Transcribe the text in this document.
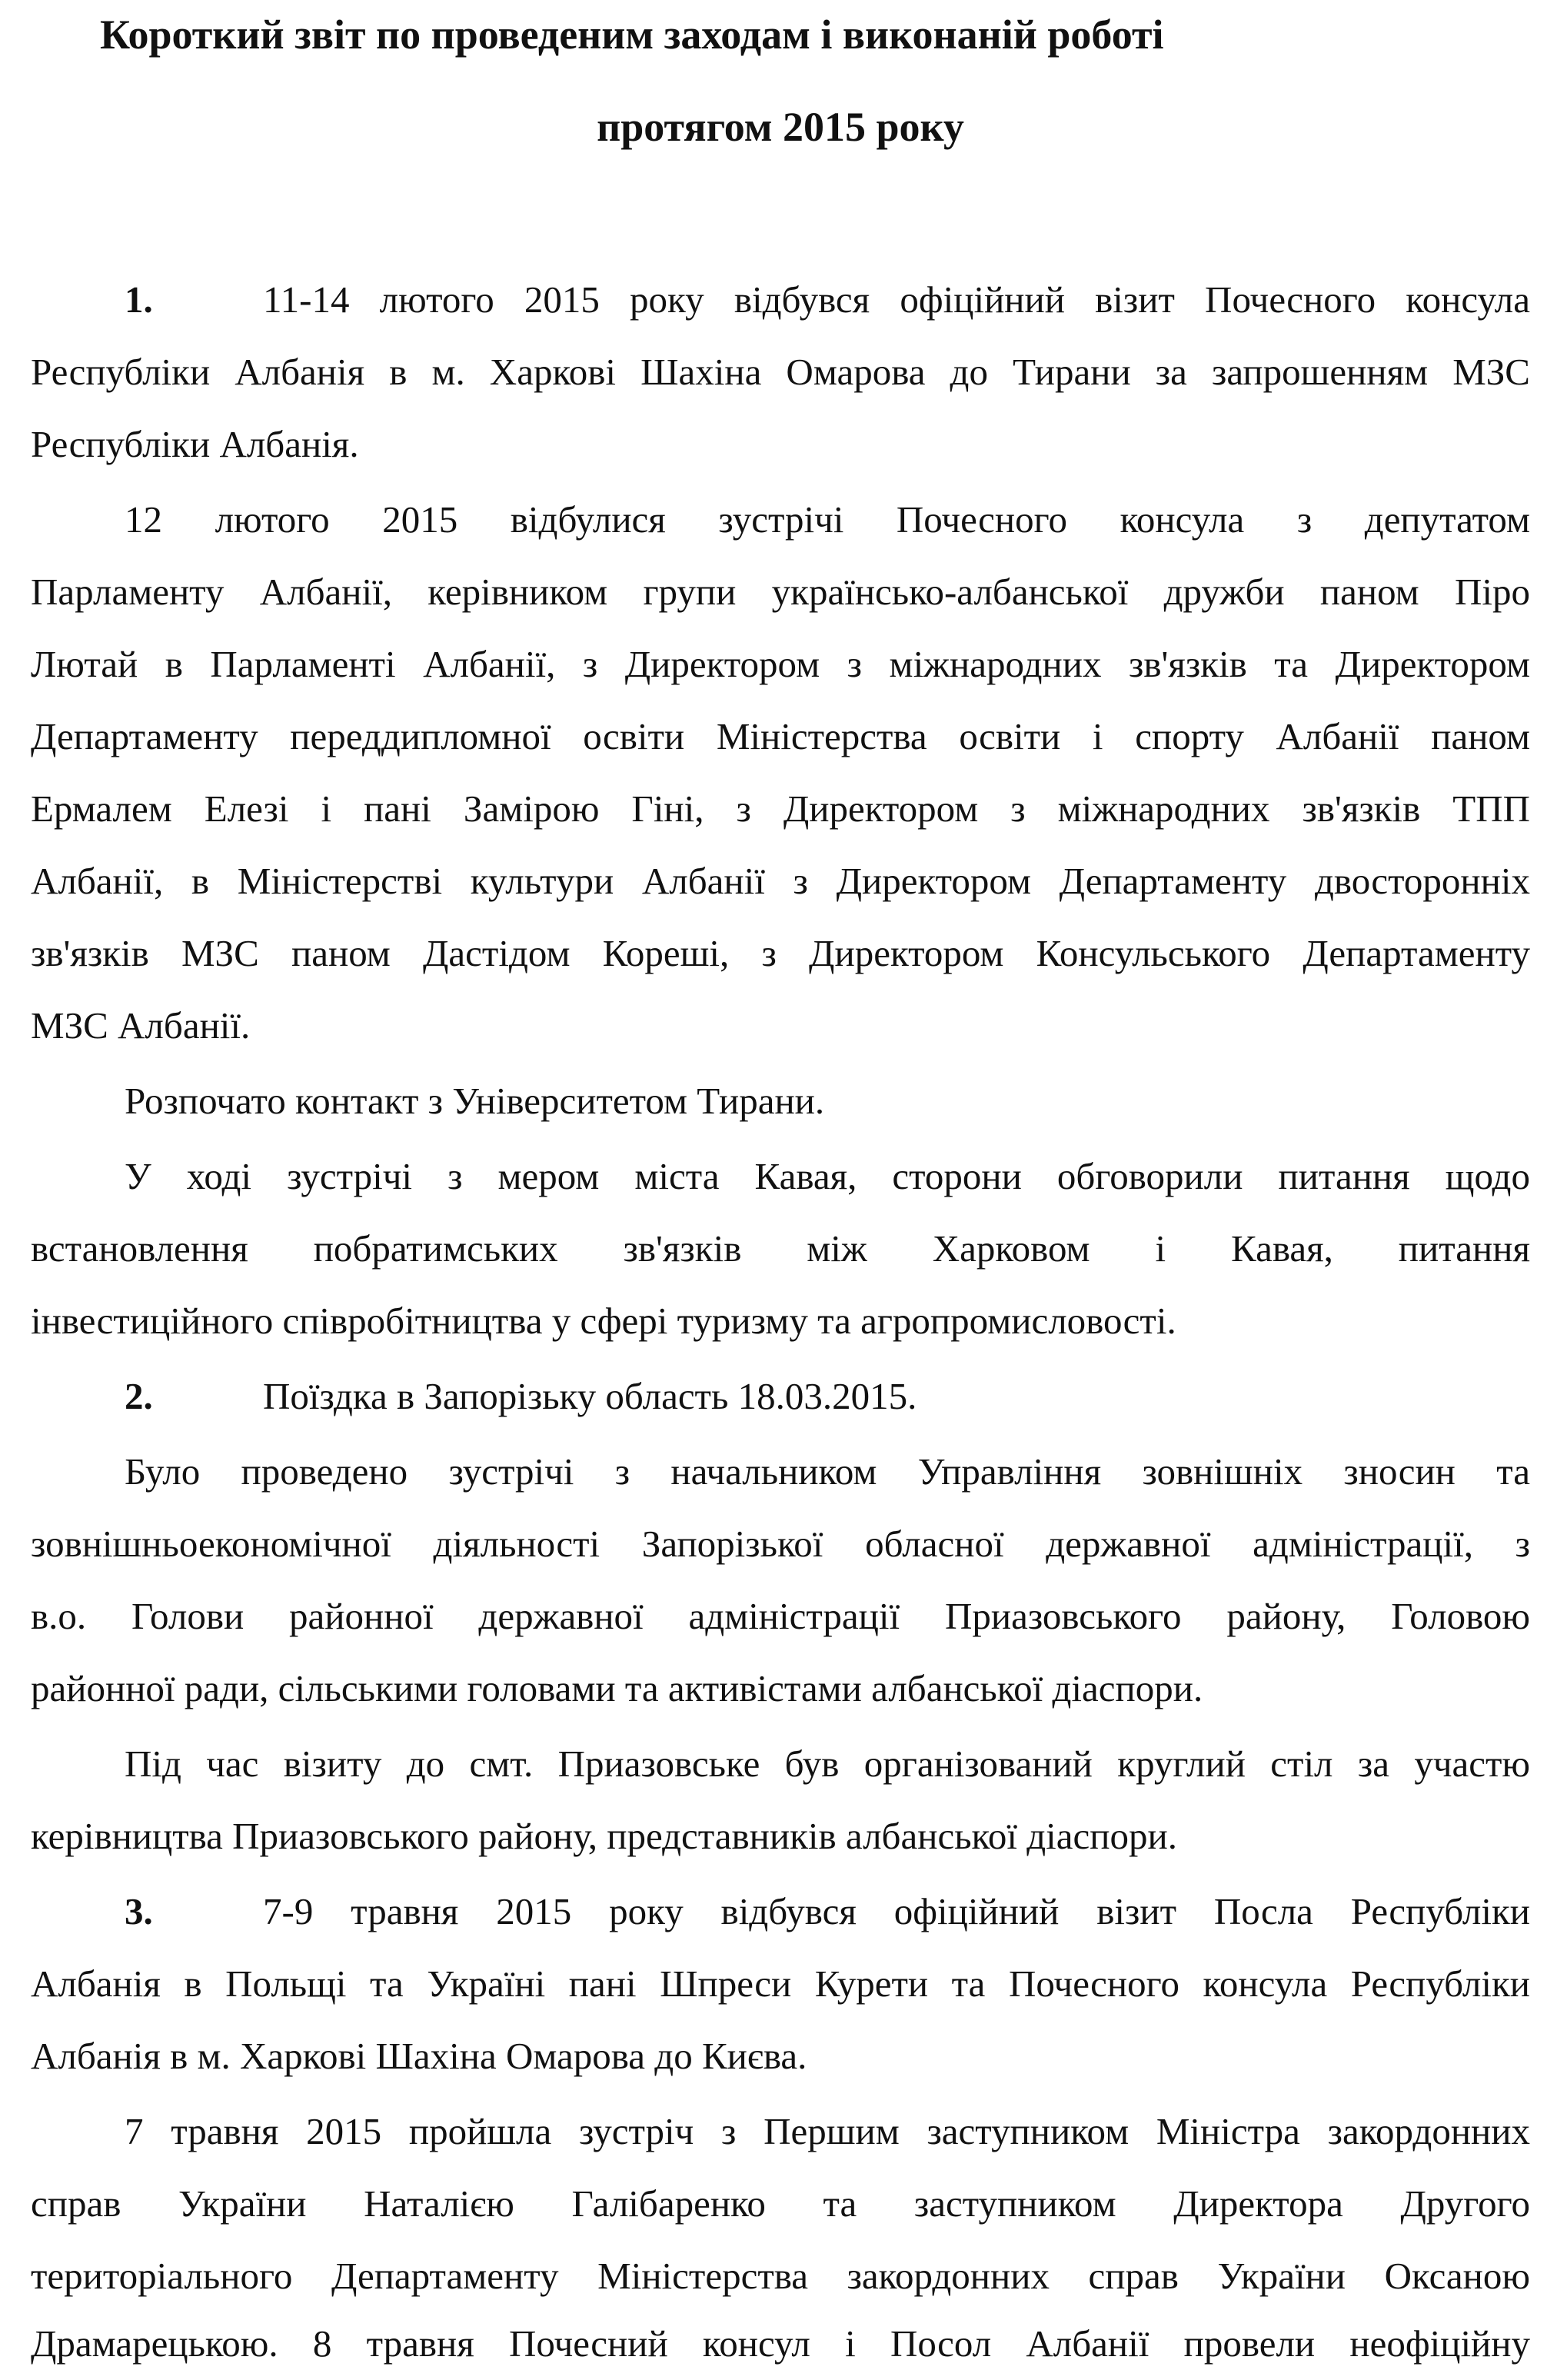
Короткий звіт по проведеним заходам і виконаній роботі
протягом 2015 року

1.	11-14 лютого 2015 року відбувся офіційний візит Почесного консула

Республіки Албанія в м. Харкові Шахіна Омарова до Тирани за запрошенням МЗС

Республіки Албанія.

12 лютого 2015 відбулися зустрічі Почесного консула з депутатом

Парламенту Албанії, керівником групи українсько-албанської дружби паном Піро

Лютай в Парламенті Албанії, з Директором з міжнародних зв'язків та Директором

Департаменту переддипломної освіти Міністерства освіти і спорту Албанії паном

Ермалем Елезі і пані Замірою Гіні, з Директором з міжнародних зв'язків ТПП

Албанії, в Міністерстві культури Албанії з Директором Департаменту двосторонніх

зв'язків МЗС паном Дастідом Кореші, з Директором Консульського Департаменту

МЗС Албанії.

Розпочато контакт з Університетом Тирани.

У ході зустрічі з мером міста Кавая, сторони обговорили питання щодо

встановлення побратимських зв'язків між Харковом і Кавая, питання

інвестиційного співробітництва у сфері туризму та агропромисловості.

2.	Поїздка в Запорізьку область 18.03.2015.

Було проведено зустрічі з начальником Управління зовнішніх зносин та

зовнішньоекономічної діяльності Запорізької обласної державної адміністрації, з

в.о. Голови районної державної адміністрації Приазовського району, Головою

районної ради, сільськими головами та активістами албанської діаспори.

Під час візиту до смт. Приазовське був організований круглий стіл за участю

керівництва Приазовського району, представників албанської діаспори.

3.	7-9 травня 2015 року відбувся офіційний візит Посла Республіки

Албанія в Польщі та Україні пані Шпреси Курети та Почесного консула Республіки

Албанія в м. Харкові Шахіна Омарова до Києва.

7 травня 2015 пройшла зустріч з Першим заступником Міністра закордонних

справ України Наталією Галібаренко та заступником Директора Другого

територіального Департаменту Міністерства закордонних справ України Оксаною

Драмарецькою. 8 травня Почесний консул і Посол Албанії провели неофіційну
